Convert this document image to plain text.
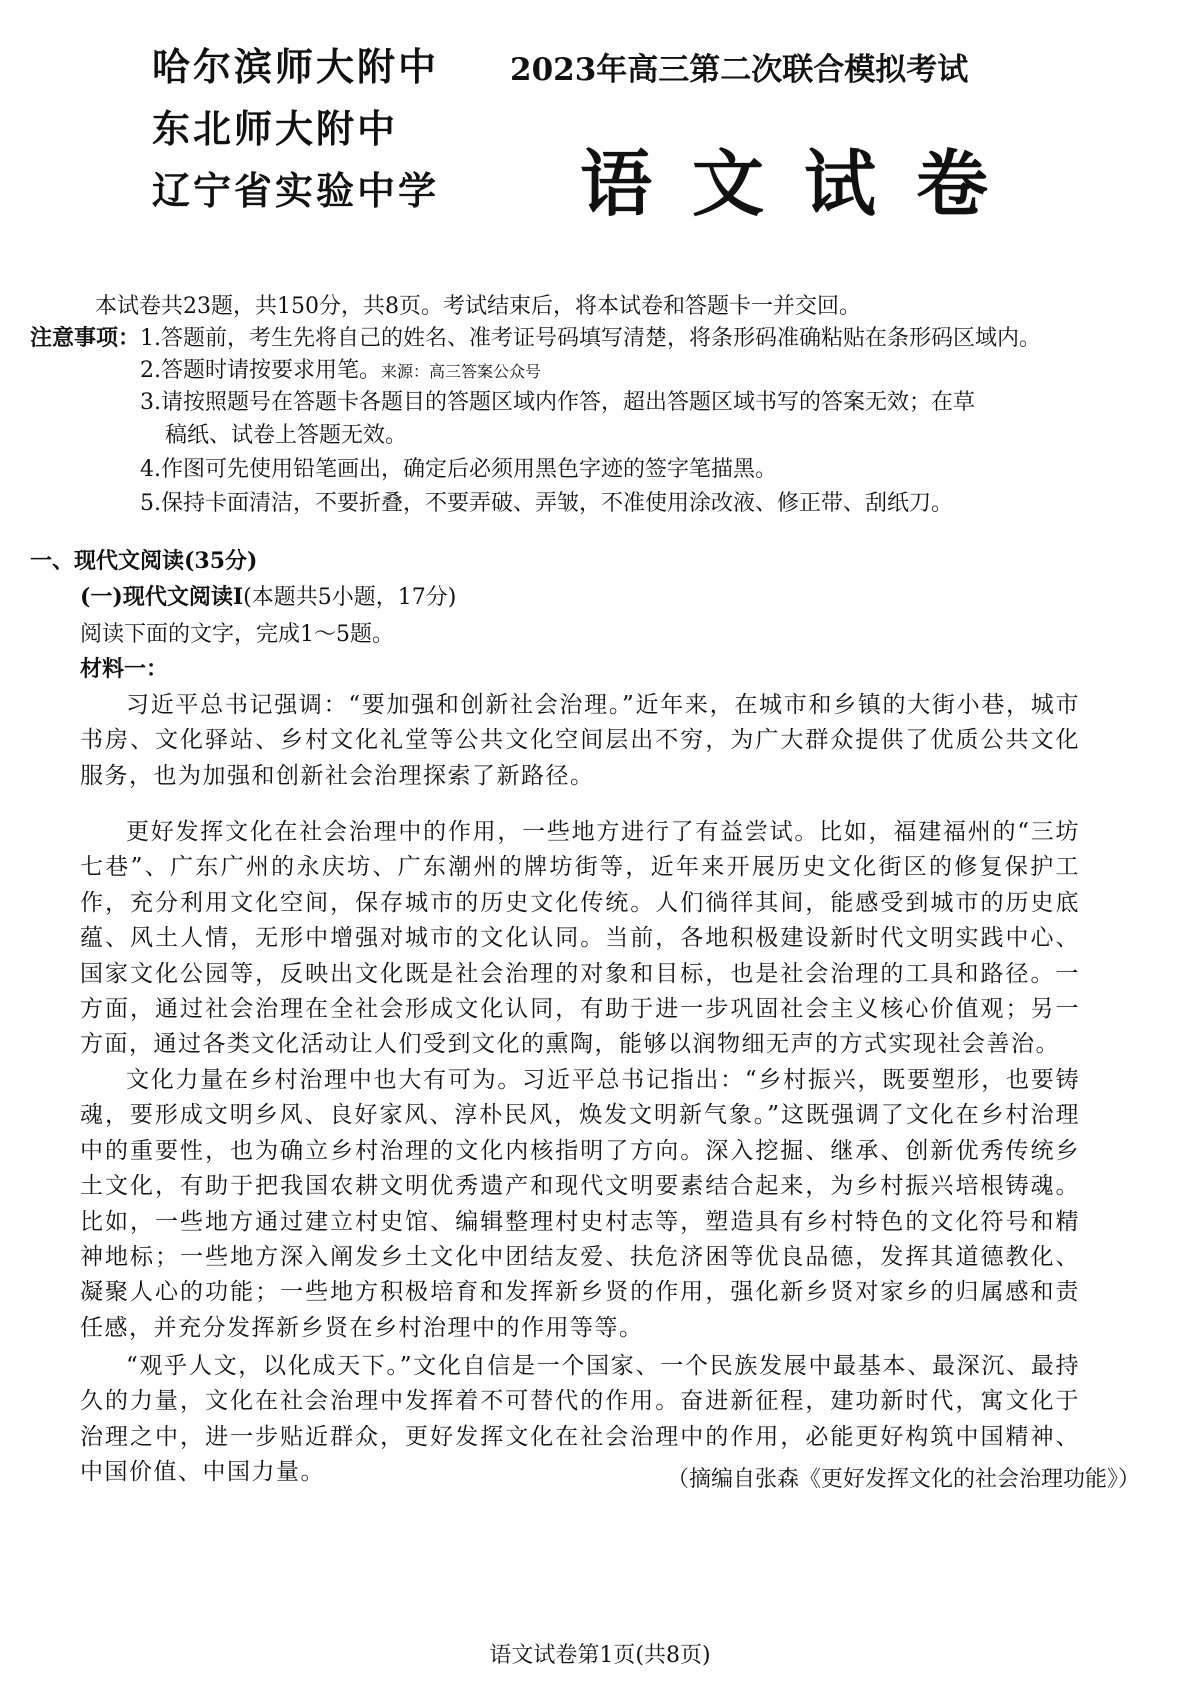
哈尔滨师大附中
东北师大附中
辽宁省实验中学
2023年高三第二次联合模拟考试
语文试卷
本试卷共23题，共150分，共8页。考试结束后，将本试卷和答题卡一并交回。
注意事项： 1.答题前，考生先将自己的姓名、准考证号码填写清楚，将条形码准确粘贴在条形码区域内。
2.答题时请按要求用笔。来源：高三答案公众号
3.请按照题号在答题卡各题目的答题区域内作答，超出答题区域书写的答案无效；在草
稿纸、试卷上答题无效。
4.作图可先使用铅笔画出，确定后必须用黑色字迹的签字笔描黑。
5.保持卡面清洁，不要折叠，不要弄破、弄皱，不准使用涂改液、修正带、刮纸刀。
一、现代文阅读(35分)
(一)现代文阅读Ⅰ(本题共5小题，17分)
阅读下面的文字，完成1～5题。
材料一：
习近平总书记强调：“要加强和创新社会治理。”近年来，在城市和乡镇的大街小巷，城市书房、文化驿站、乡村文化礼堂等公共文化空间层出不穷，为广大群众提供了优质公共文化服务，也为加强和创新社会治理探索了新路径。
更好发挥文化在社会治理中的作用，一些地方进行了有益尝试。比如，福建福州的“三坊七巷”、广东广州的永庆坊、广东潮州的牌坊街等，近年来开展历史文化街区的修复保护工作，充分利用文化空间，保存城市的历史文化传统。人们徜徉其间，能感受到城市的历史底蕴、风土人情，无形中增强对城市的文化认同。当前，各地积极建设新时代文明实践中心、国家文化公园等，反映出文化既是社会治理的对象和目标，也是社会治理的工具和路径。一方面，通过社会治理在全社会形成文化认同，有助于进一步巩固社会主义核心价值观；另一方面，通过各类文化活动让人们受到文化的熏陶，能够以润物细无声的方式实现社会善治。
文化力量在乡村治理中也大有可为。习近平总书记指出：“乡村振兴，既要塑形，也要铸魂，要形成文明乡风、良好家风、淳朴民风，焕发文明新气象。”这既强调了文化在乡村治理中的重要性，也为确立乡村治理的文化内核指明了方向。深入挖掘、继承、创新优秀传统乡土文化，有助于把我国农耕文明优秀遗产和现代文明要素结合起来，为乡村振兴培根铸魂。比如，一些地方通过建立村史馆、编辑整理村史村志等，塑造具有乡村特色的文化符号和精神地标；一些地方深入阐发乡土文化中团结友爱、扶危济困等优良品德，发挥其道德教化、凝聚人心的功能；一些地方积极培育和发挥新乡贤的作用，强化新乡贤对家乡的归属感和责任感，并充分发挥新乡贤在乡村治理中的作用等等。
“观乎人文，以化成天下。”文化自信是一个国家、一个民族发展中最基本、最深沉、最持久的力量，文化在社会治理中发挥着不可替代的作用。奋进新征程，建功新时代，寓文化于治理之中，进一步贴近群众，更好发挥文化在社会治理中的作用，必能更好构筑中国精神、中国价值、中国力量。	（摘编自张森《更好发挥文化的社会治理功能》）
语文试卷第1页(共8页)
